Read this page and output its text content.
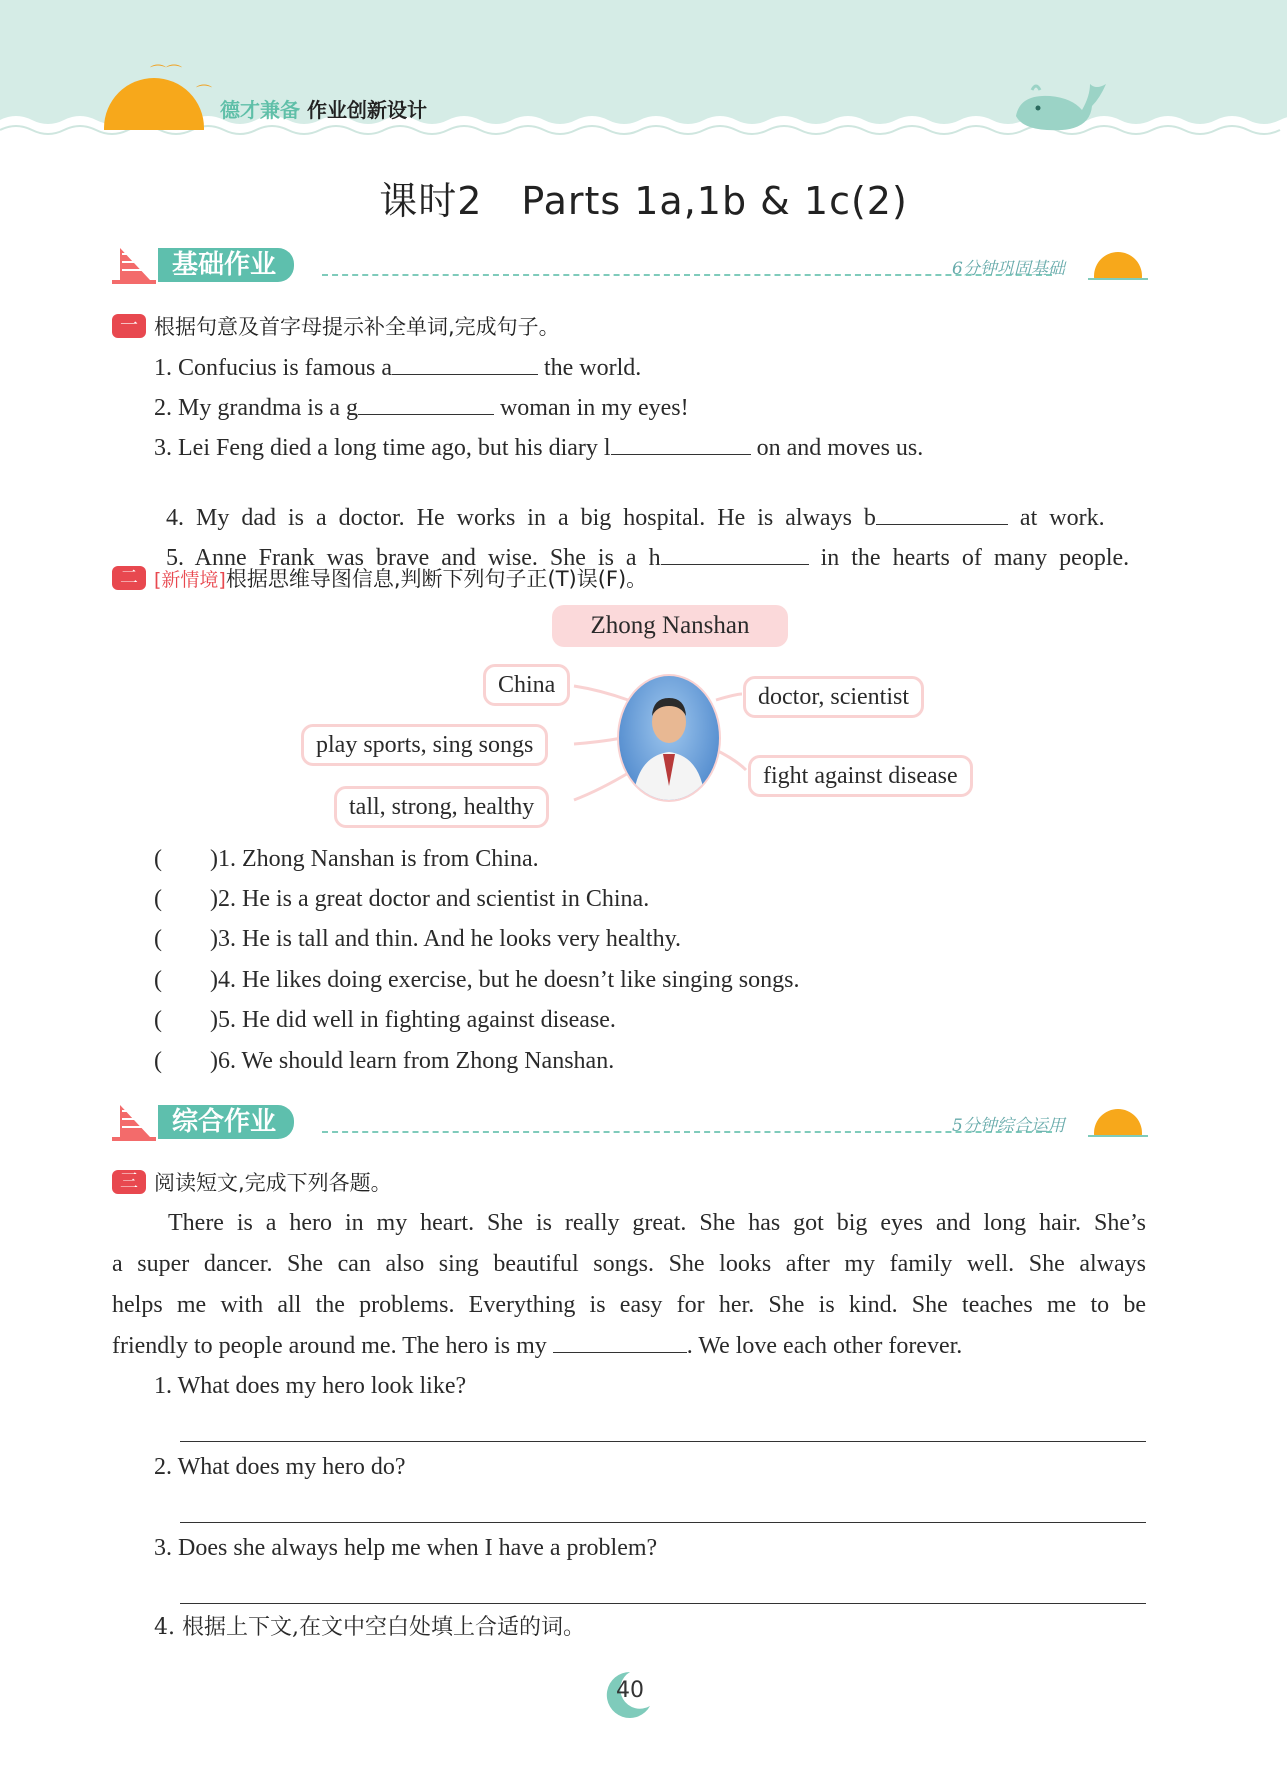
⌒⌒
⌒
德才兼备 作业创新设计
课时2　Parts 1a,1b & 1c(2)
基础作业	6分钟巩固基础
一 根据句意及首字母提示补全单词,完成句子。
1. Confucius is famous a	the world.
2. My grandma is a g	woman in my eyes!
3. Lei Feng died a long time ago, but his diary l	on and moves us.

4.  My  dad  is  a  doctor.  He  works  in  a  big  hospital.  He  is  always  b	at  work.

5.  Anne  Frank  was  brave  and  wise.  She  is  a  h	in  the  hearts  of  many  people.

二 [新情境]根据思维导图信息,判断下列句子正(T)误(F)。
Zhong Nanshan
China
play sports, sing songs
tall, strong, healthy
doctor, scientist
fight against disease
(　　)1. Zhong Nanshan is from China.
(　　)2. He is a great doctor and scientist in China.
(　　)3. He is tall and thin. And he looks very healthy.
(　　)4. He likes doing exercise, but he doesn’t like singing songs.
(　　)5. He did well in fighting against disease.
(　　)6. We should learn from Zhong Nanshan.
综合作业	5分钟综合运用
三 阅读短文,完成下列各题。
There is a hero in my heart. She is really great. She has got big eyes and long hair. She’s
a super dancer. She can also sing beautiful songs. She looks after my family well. She always
helps me with all the problems. Everything is easy for her. She is kind. She teaches me to be
friendly to people around me. The hero is my	. We love each other forever.
1. What does my hero look like?
2. What does my hero do?
3. Does she always help me when I have a problem?
4. 根据上下文,在文中空白处填上合适的词。
40
